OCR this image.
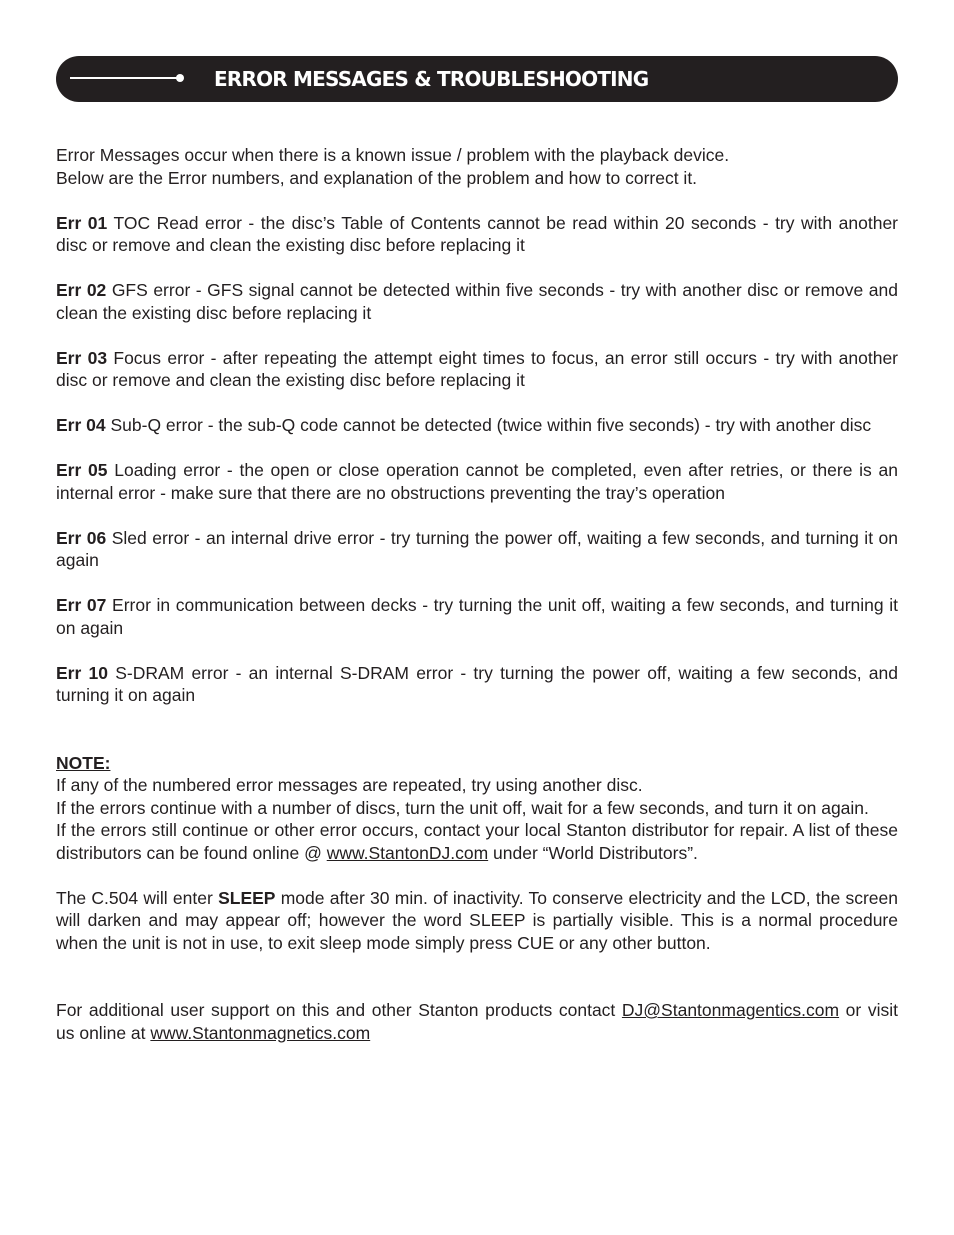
ERROR MESSAGES & TROUBLESHOOTING

Error Messages occur when there is a known issue / problem with the playback device.
Below are the Error numbers, and explanation of the problem and how to correct it.

Err 01 TOC Read error - the disc’s Table of Contents cannot be read within 20 seconds - try with another disc or remove and clean the existing disc before replacing it

Err 02 GFS error - GFS signal cannot be detected within five seconds - try with another disc or remove and clean the existing disc before replacing it

Err 03 Focus error - after repeating the attempt eight times to focus, an error still occurs - try with another disc or remove and clean the existing disc before replacing it

Err 04 Sub-Q error - the sub-Q code cannot be detected (twice within five seconds) - try with another disc

Err 05 Loading error - the open or close operation cannot be completed, even after retries, or there is an internal error - make sure that there are no obstructions preventing the tray’s operation

Err 06 Sled error - an internal drive error - try turning the power off, waiting a few seconds, and turning it on again

Err 07 Error in communication between decks - try turning the unit off, waiting a few seconds, and turning it on again

Err 10 S-DRAM error - an internal S-DRAM error - try turning the power off, waiting a few seconds, and turning it on again

NOTE:
If any of the numbered error messages are repeated, try using another disc.
If the errors continue with a number of discs, turn the unit off, wait for a few seconds, and turn it on again.
If the errors still continue or other error occurs, contact your local Stanton distributor for repair. A list of these distributors can be found online @ www.StantonDJ.com under “World Distributors”.

The C.504 will enter SLEEP mode after 30 min. of inactivity. To conserve electricity and the LCD, the screen will darken and may appear off; however the word SLEEP is partially visible. This is a normal procedure when the unit is not in use, to exit sleep mode simply press CUE or any other button.

For additional user support on this and other Stanton products contact DJ@Stantonmagentics.com or visit us online at www.Stantonmagnetics.com
